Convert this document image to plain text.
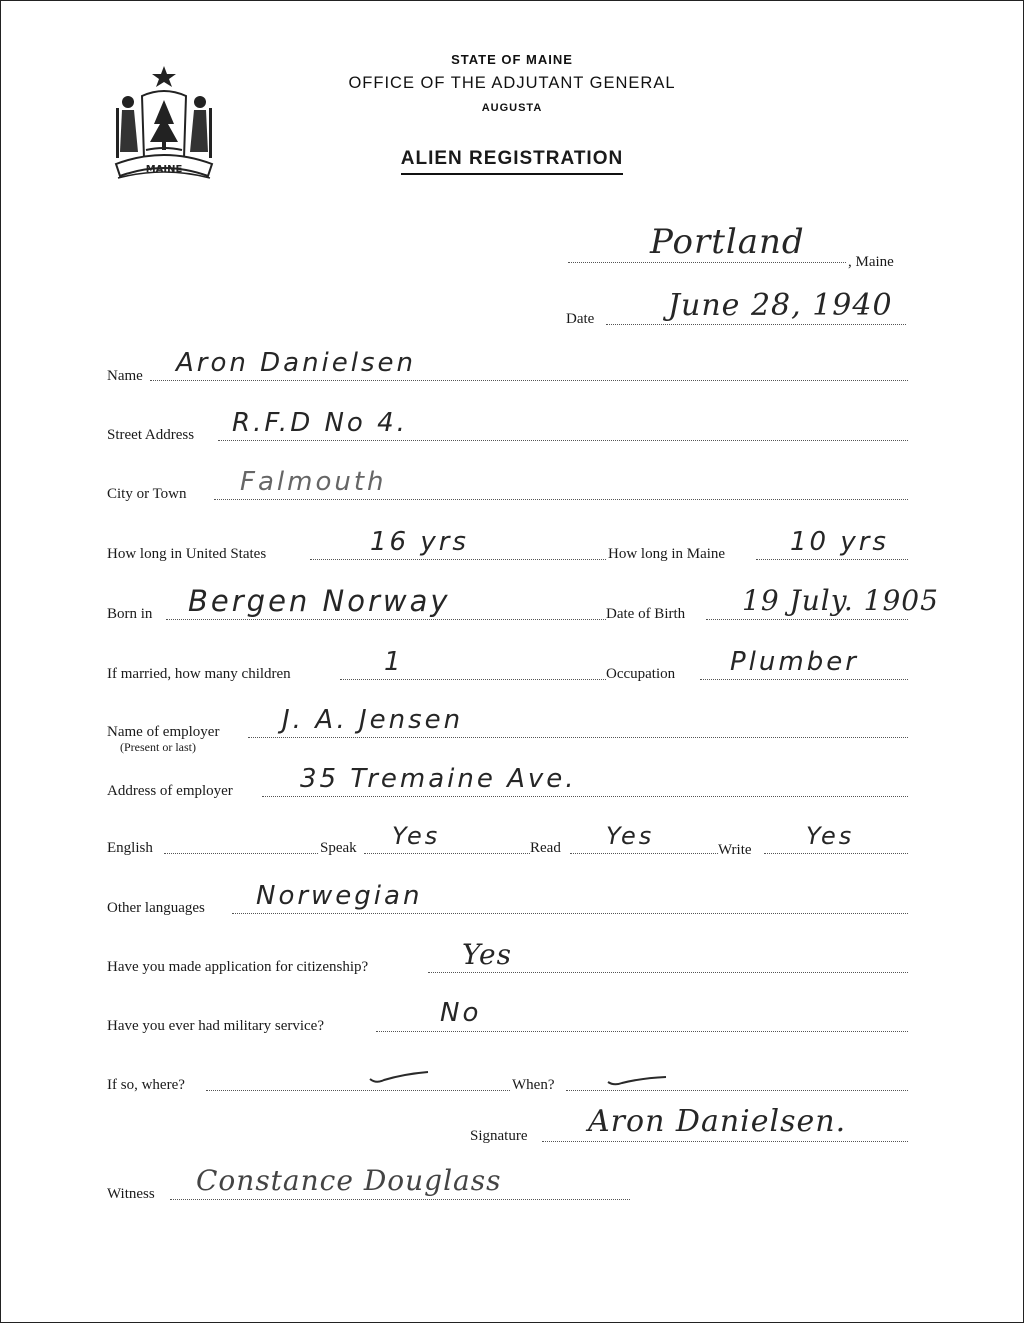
MAINE
STATE OF MAINE
OFFICE OF THE ADJUTANT GENERAL
AUGUSTA
ALIEN REGISTRATION
Portland	, Maine
Date June 28, 1940
Name Aron Danielsen
Street Address R.F.D No 4.
City or Town Falmouth
How long in United States	16 yrs	How long in Maine 10 yrs
Born in Bergen Norway	Date of Birth 19 July. 1905
If married, how many children	1	Occupation Plumber
Name of employer
(Present or last)
J. A. Jensen
Address of employer	35 Tremaine Ave.
English	Speak Yes	Read Yes	Write Yes
Other languages Norwegian
Have you made application for citizenship?	Yes
Have you ever had military service?	No
If so, where?	When?
Signature Aron Danielsen.
Witness Constance Douglass
